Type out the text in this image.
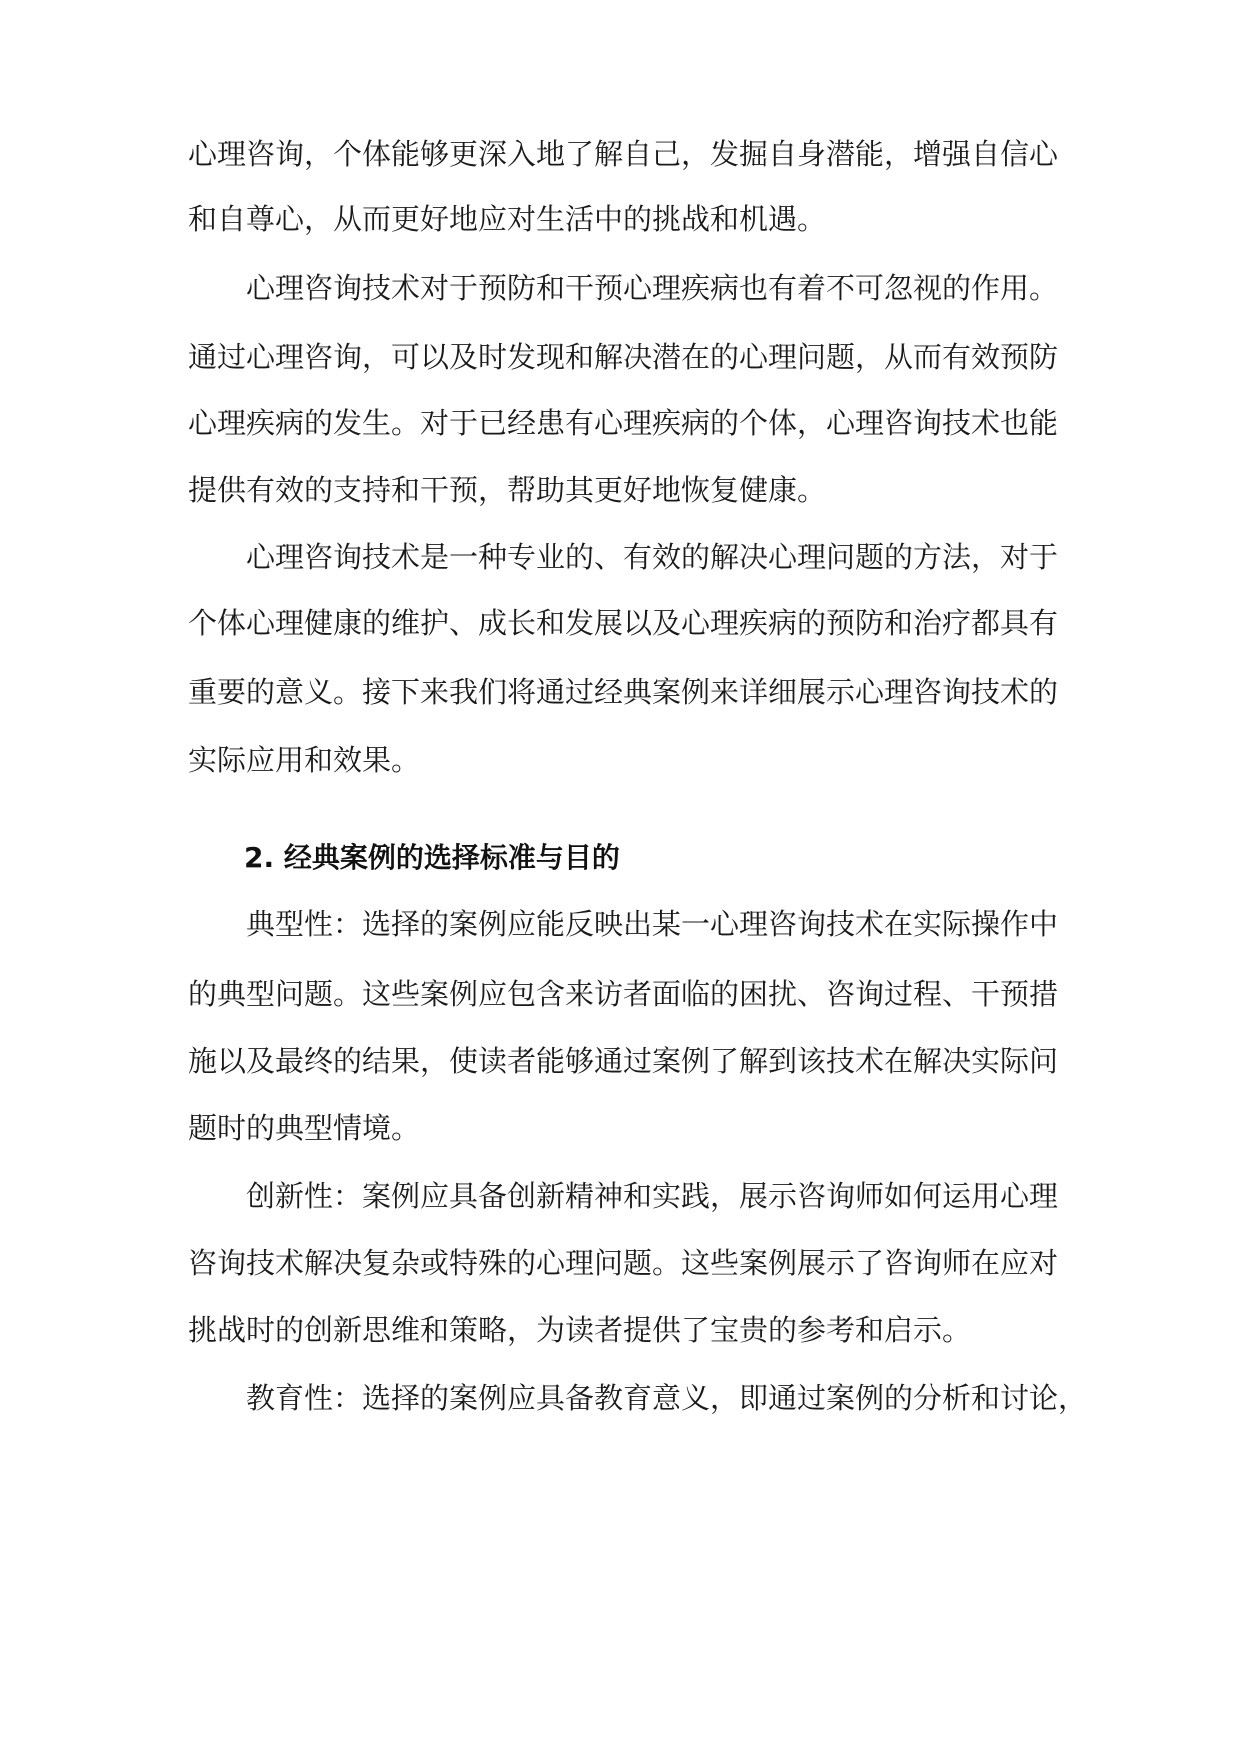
心理咨询，个体能够更深入地了解自己，发掘自身潜能，增强自信心

和自尊心，从而更好地应对生活中的挑战和机遇。

心理咨询技术对于预防和干预心理疾病也有着不可忽视的作用。

通过心理咨询，可以及时发现和解决潜在的心理问题，从而有效预防

心理疾病的发生。对于已经患有心理疾病的个体，心理咨询技术也能

提供有效的支持和干预，帮助其更好地恢复健康。

心理咨询技术是一种专业的、有效的解决心理问题的方法，对于

个体心理健康的维护、成长和发展以及心理疾病的预防和治疗都具有

重要的意义。接下来我们将通过经典案例来详细展示心理咨询技术的

实际应用和效果。

2. 经典案例的选择标准与目的

典型性：选择的案例应能反映出某一心理咨询技术在实际操作中

的典型问题。这些案例应包含来访者面临的困扰、咨询过程、干预措

施以及最终的结果，使读者能够通过案例了解到该技术在解决实际问

题时的典型情境。

创新性：案例应具备创新精神和实践，展示咨询师如何运用心理

咨询技术解决复杂或特殊的心理问题。这些案例展示了咨询师在应对

挑战时的创新思维和策略，为读者提供了宝贵的参考和启示。

教育性：选择的案例应具备教育意义，即通过案例的分析和讨论，
